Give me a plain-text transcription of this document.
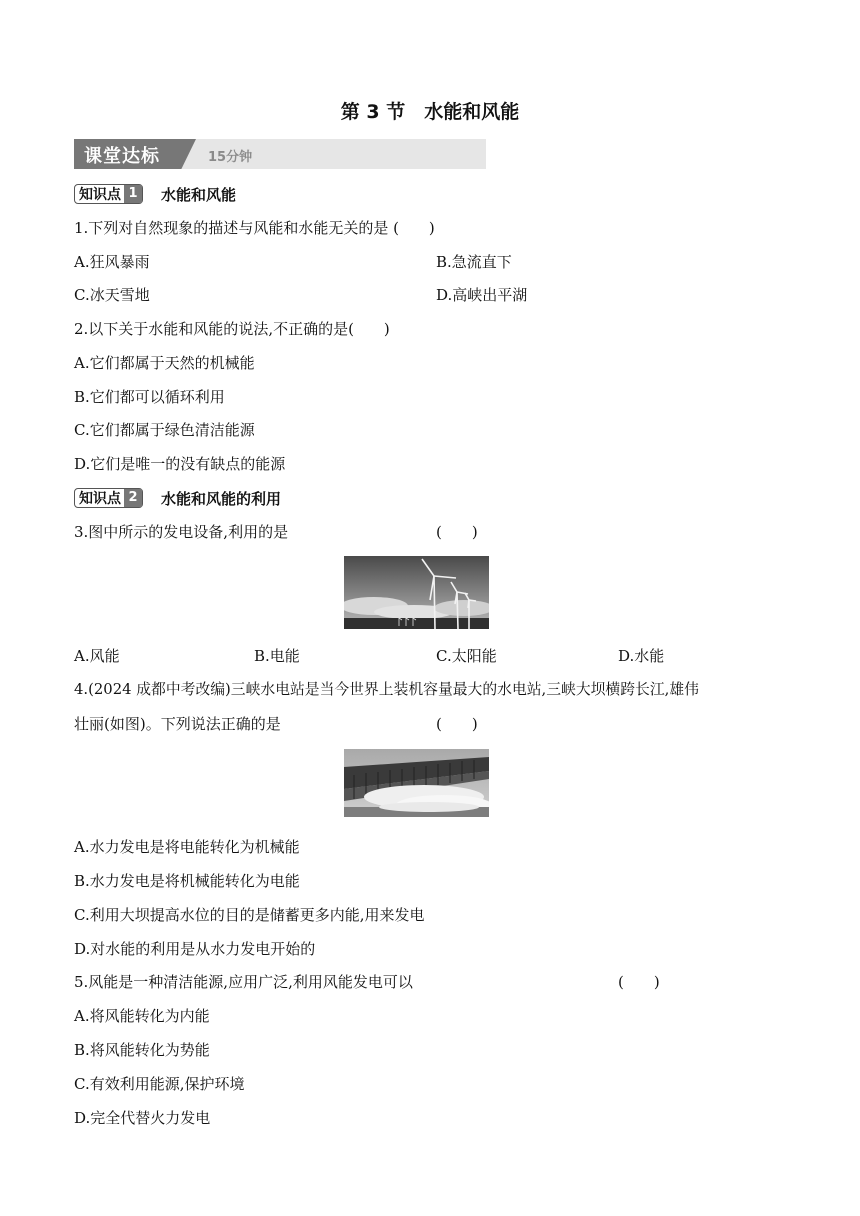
第 3 节　水能和风能
课堂达标	15分钟
知识点 1 水能和风能
1.下列对自然现象的描述与风能和水能无关的是 (　　)
A.狂风暴雨	B.急流直下
C.冰天雪地	D.高峡出平湖
2.以下关于水能和风能的说法,不正确的是(　　)
A.它们都属于天然的机械能
B.它们都可以循环利用
C.它们都属于绿色清洁能源
D.它们是唯一的没有缺点的能源
知识点 2 水能和风能的利用
3.图中所示的发电设备,利用的是	(　　)
A.风能	B.电能	C.太阳能	D.水能
4.(2024 成都中考改编)三峡水电站是当今世界上装机容量最大的水电站,三峡大坝横跨长江,雄伟
壮丽(如图)。下列说法正确的是	(　　)
A.水力发电是将电能转化为机械能
B.水力发电是将机械能转化为电能
C.利用大坝提高水位的目的是储蓄更多内能,用来发电
D.对水能的利用是从水力发电开始的
5.风能是一种清洁能源,应用广泛,利用风能发电可以	(　　)
A.将风能转化为内能
B.将风能转化为势能
C.有效利用能源,保护环境
D.完全代替火力发电
